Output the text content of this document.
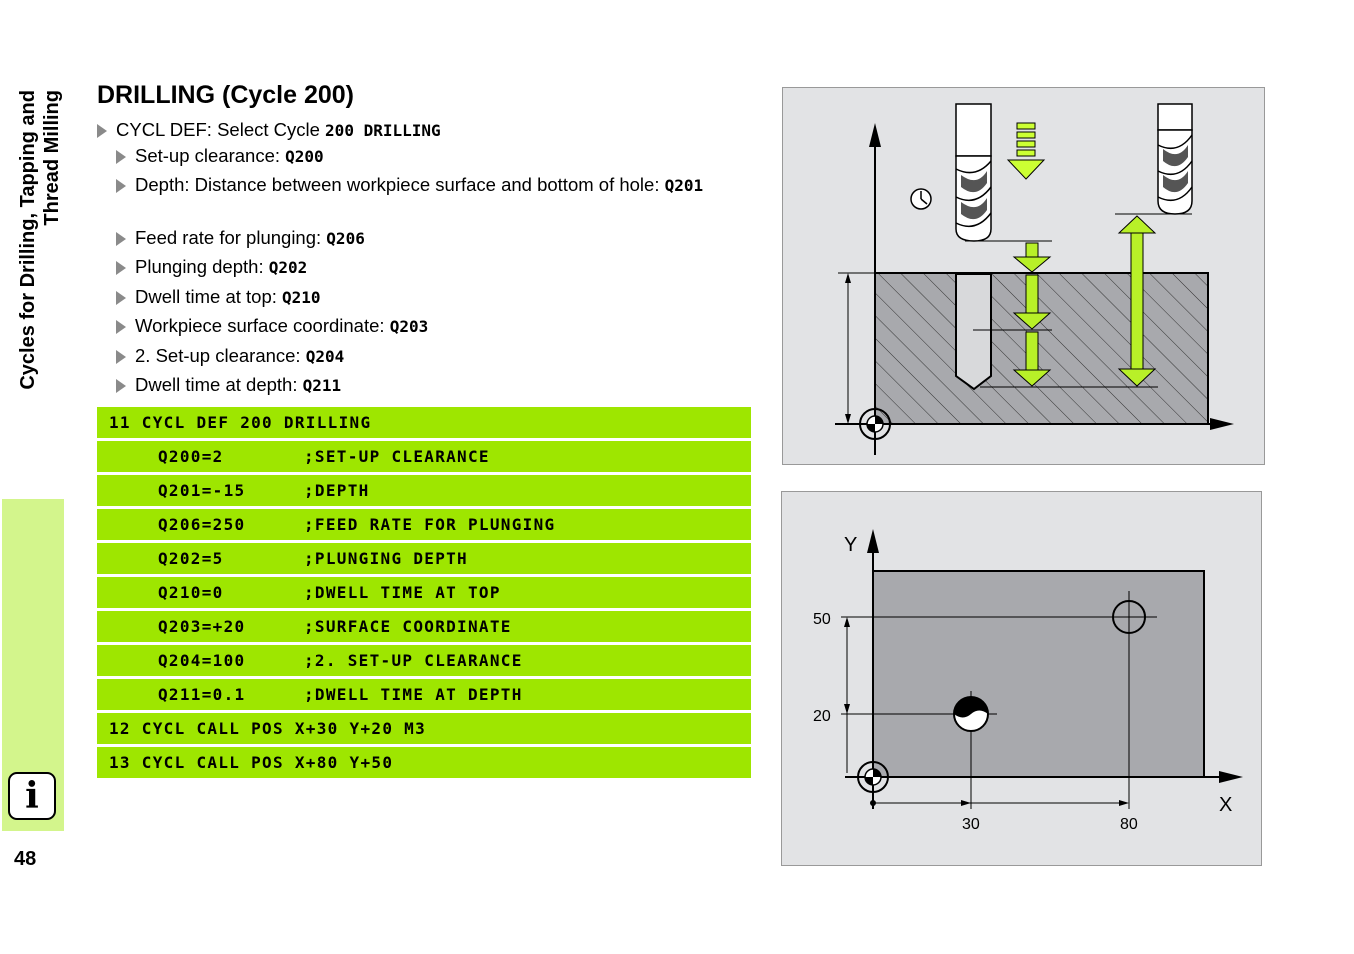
Cycles for Drilling, Tapping and Thread Milling
i
48
DRILLING (Cycle 200)
CYCL DEF: Select Cycle 200 DRILLING
Set-up clearance: Q200
Depth: Distance between workpiece surface and bottom of hole: Q201
Feed rate for plunging: Q206
Plunging depth: Q202
Dwell time at top: Q210
Workpiece surface coordinate: Q203
2. Set-up clearance: Q204
Dwell time at depth: Q211
11 CYCL DEF 200 DRILLING
Q200=2	;SET-UP CLEARANCE
Q201=-15	;DEPTH
Q206=250	;FEED RATE FOR PLUNGING
Q202=5	;PLUNGING DEPTH
Q210=0	;DWELL TIME AT TOP
Q203=+20	;SURFACE COORDINATE
Q204=100	;2. SET-UP CLEARANCE
Q211=0.1	;DWELL TIME AT DEPTH
12 CYCL CALL POS X+30 Y+20 M3
13 CYCL CALL POS X+80 Y+50
Y
X
50
20
30	80
